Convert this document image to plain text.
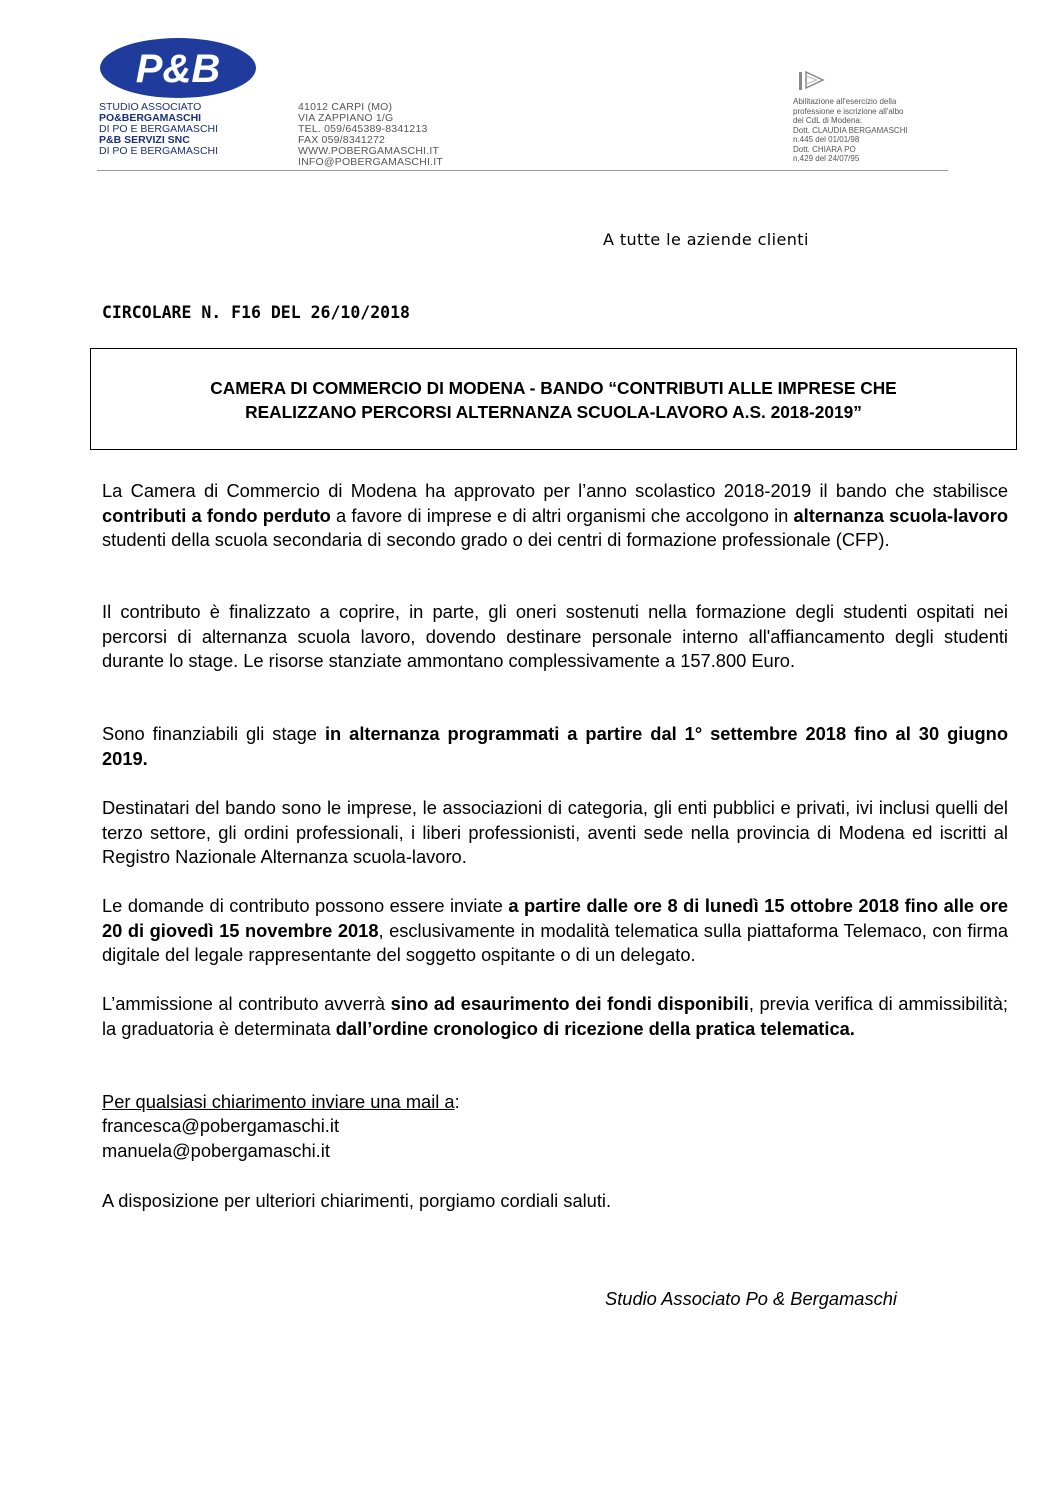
P&B
STUDIO ASSOCIATO
PO&BERGAMASCHI
DI PO E BERGAMASCHI
P&B SERVIZI SNC
DI PO E BERGAMASCHI
41012 CARPI (MO)
VIA ZAPPIANO 1/G
TEL. 059/645389-8341213
FAX 059/8341272
WWW.POBERGAMASCHI.IT
INFO@POBERGAMASCHI.IT
Abilitazione all'esercizio della
professione e iscrizione all'albo
dei CdL di Modena:
Dott. CLAUDIA BERGAMASCHI
n.445 del 01/01/98
Dott. CHIARA PO
n.429 del 24/07/95
A tutte le aziende clienti
CIRCOLARE N. F16 DEL 26/10/2018
CAMERA DI COMMERCIO DI MODENA - BANDO “CONTRIBUTI ALLE IMPRESE CHE
REALIZZANO PERCORSI ALTERNANZA SCUOLA-LAVORO A.S. 2018-2019”

La Camera di Commercio di Modena ha approvato per l’anno scolastico 2018-2019 il bando che stabilisce contributi a fondo perduto a favore di imprese e di altri organismi che accolgono in alternanza scuola-lavoro studenti della scuola secondaria di secondo grado o dei centri di formazione professionale (CFP).

Il contributo è finalizzato a coprire, in parte, gli oneri sostenuti nella formazione degli studenti ospitati nei percorsi di alternanza scuola lavoro, dovendo destinare personale interno all'affiancamento degli studenti durante lo stage. Le risorse stanziate ammontano complessivamente a 157.800 Euro.

Sono finanziabili gli stage in alternanza programmati a partire dal 1° settembre 2018 fino al 30 giugno 2019.

Destinatari del bando sono le imprese, le associazioni di categoria, gli enti pubblici e privati, ivi inclusi quelli del terzo settore, gli ordini professionali, i liberi professionisti, aventi sede nella provincia di Modena ed iscritti al Registro Nazionale Alternanza scuola-lavoro.

Le domande di contributo possono essere inviate a partire dalle ore 8 di lunedì 15 ottobre 2018 fino alle ore 20 di giovedì 15 novembre 2018, esclusivamente in modalità telematica sulla piattaforma Telemaco, con firma digitale del legale rappresentante del soggetto ospitante o di un delegato.

L’ammissione al contributo avverrà sino ad esaurimento dei fondi disponibili, previa verifica di ammissibilità; la graduatoria è determinata dall’ordine cronologico di ricezione della pratica telematica.

Per qualsiasi chiarimento inviare una mail a:
francesca@pobergamaschi.it
manuela@pobergamaschi.it
A disposizione per ulteriori chiarimenti, porgiamo cordiali saluti.
Studio Associato Po & Bergamaschi
